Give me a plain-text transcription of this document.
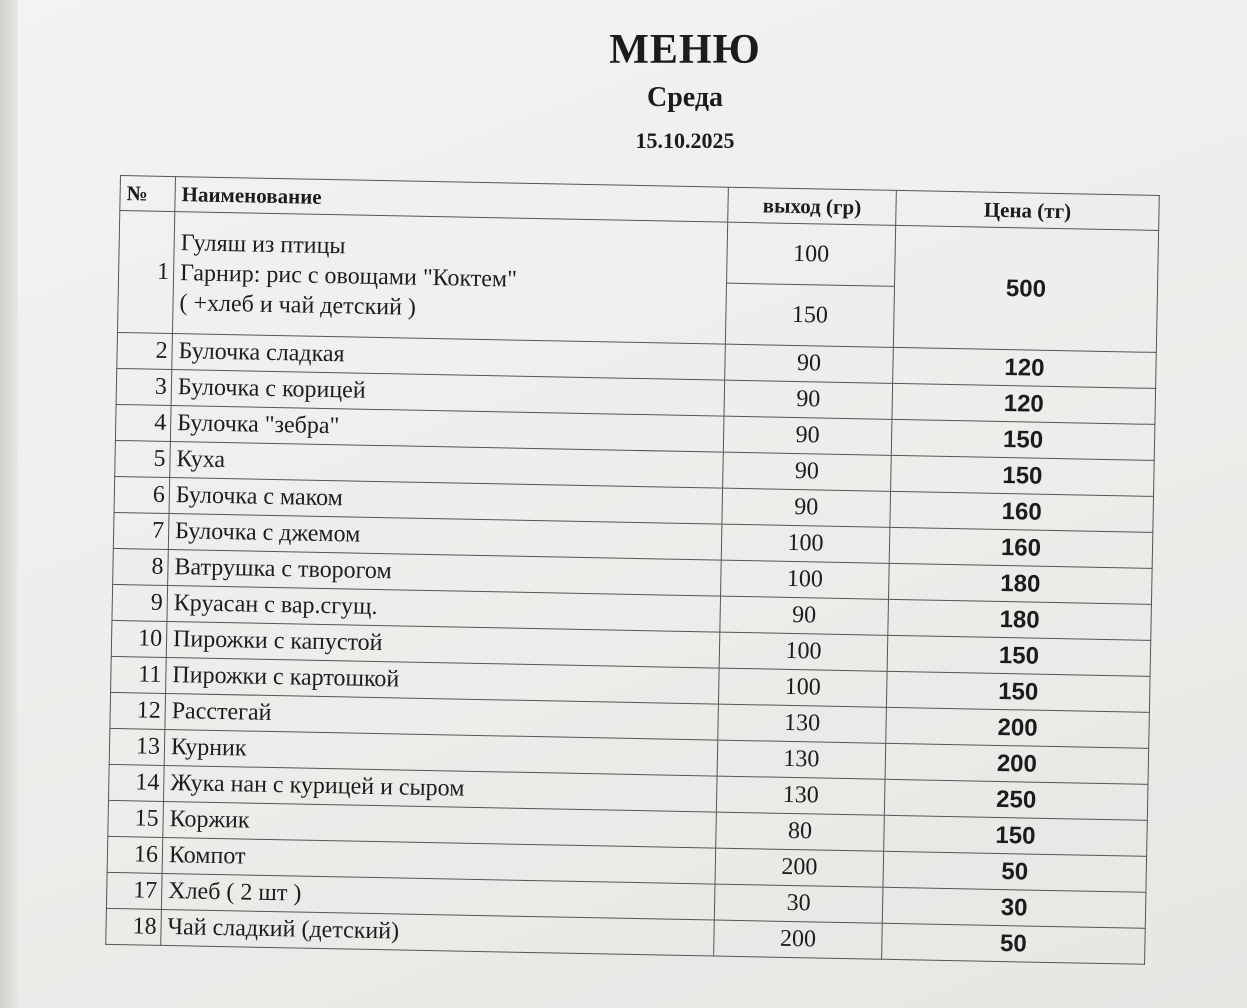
МЕНЮ
Среда
15.10.2025
№	Наименование	выход (гр)	Цена (тг)
1	Гуляш из птицы
Гарнир: рис с овощами "Коктем"
( +хлеб и чай детский )	100	500
		150	
2	Булочка сладкая	90	120
3	Булочка с корицей	90	120
4	Булочка "зебра"	90	150
5	Куха	90	150
6	Булочка с маком	90	160
7	Булочка с джемом	100	160
8	Ватрушка с творогом	100	180
9	Круасан с вар.сгущ.	90	180
10	Пирожки с капустой	100	150
11	Пирожки с картошкой	100	150
12	Расстегай	130	200
13	Курник	130	200
14	Жука нан с курицей и сыром	130	250
15	Коржик	80	150
16	Компот	200	50
17	Хлеб ( 2 шт )	30	30
18	Чай сладкий (детский)	200	50
